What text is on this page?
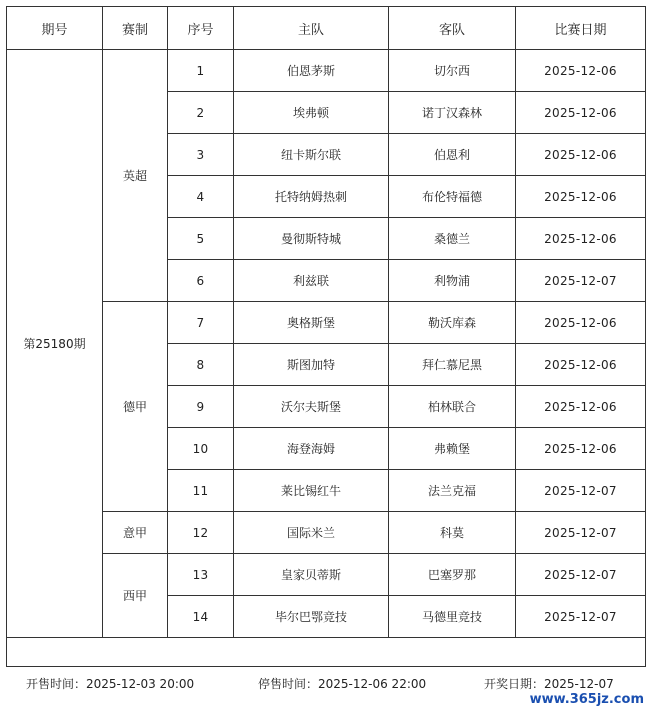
期号	赛制	序号	主队	客队	比赛日期
第25180期	英超	1	伯恩茅斯	切尔西	2025-12-06
		2	埃弗顿	诺丁汉森林	2025-12-06
		3	纽卡斯尔联	伯恩利	2025-12-06
		4	托特纳姆热刺	布伦特福德	2025-12-06
		5	曼彻斯特城	桑德兰	2025-12-06
		6	利兹联	利物浦	2025-12-07
	德甲	7	奥格斯堡	勒沃库森	2025-12-06
		8	斯图加特	拜仁慕尼黑	2025-12-06
		9	沃尔夫斯堡	柏林联合	2025-12-06
		10	海登海姆	弗赖堡	2025-12-06
		11	莱比锡红牛	法兰克福	2025-12-07
	意甲	12	国际米兰	科莫	2025-12-07
	西甲	13	皇家贝蒂斯	巴塞罗那	2025-12-07
		14	毕尔巴鄂竞技	马德里竞技	2025-12-07

开售时间：2025-12-03 20:00	停售时间：2025-12-06 22:00	开奖日期：2025-12-07
www.365jz.com
